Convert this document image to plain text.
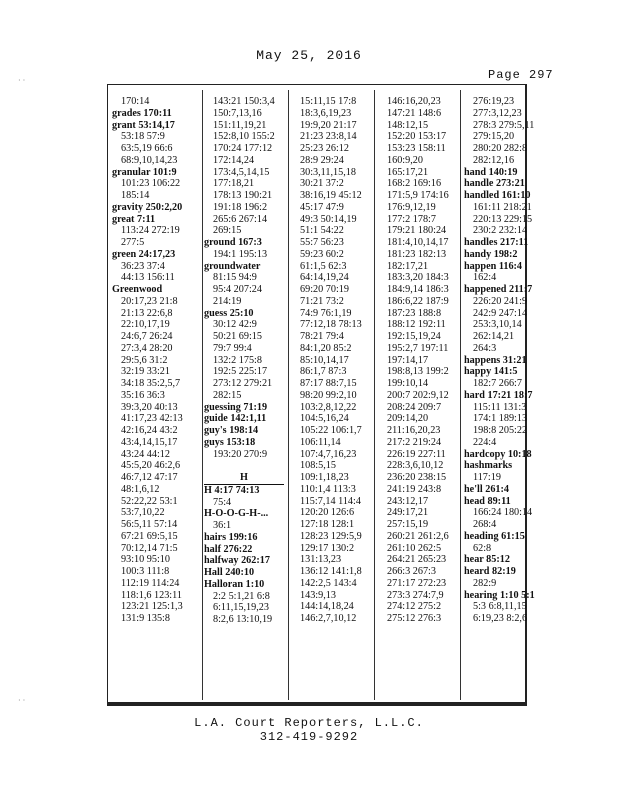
May 25, 2016
Page 297
170:14
grades 170:11
grant 53:14,17
53:18 57:9
63:5,19 66:6
68:9,10,14,23
granular 101:9
101:23 106:22
185:14
gravity 250:2,20
great 7:11
113:24 272:19
277:5
green 24:17,23
36:23 37:4
44:13 156:11
Greenwood
20:17,23 21:8
21:13 22:6,8
22:10,17,19
24:6,7 26:24
27:3,4 28:20
29:5,6 31:2
32:19 33:21
34:18 35:2,5,7
35:16 36:3
39:3,20 40:13
41:17,23 42:13
42:16,24 43:2
43:4,14,15,17
43:24 44:12
45:5,20 46:2,6
46:7,12 47:17
48:1,6,12
52:22,22 53:1
53:7,10,22
56:5,11 57:14
67:21 69:5,15
70:12,14 71:5
93:10 95:10
100:3 111:8
112:19 114:24
118:1,6 123:11
123:21 125:1,3
131:9 135:8
143:21 150:3,4
150:7,13,16
151:11,19,21
152:8,10 155:2
170:24 177:12
172:14,24
173:4,5,14,15
177:18,21
178:13 190:21
191:18 196:2
265:6 267:14
269:15
ground 167:3
194:1 195:13
groundwater
81:15 94:9
95:4 207:24
214:19
guess 25:10
30:12 42:9
50:21 69:15
79:7 99:4
132:2 175:8
192:5 225:17
273:12 279:21
282:15
guessing 71:19
guide 142:1,11
guy's 198:14
guys 153:18
193:20 270:9
H
H 4:17 74:13
75:4
H-O-O-G-H-...
36:1
hairs 199:16
half 276:22
halfway 262:17
Hall 240:10
Halloran 1:10
2:2 5:1,21 6:8
6:11,15,19,23
8:2,6 13:10,19
15:11,15 17:8
18:3,6,19,23
19:9,20 21:17
21:23 23:8,14
25:23 26:12
28:9 29:24
30:3,11,15,18
30:21 37:2
38:16,19 45:12
45:17 47:9
49:3 50:14,19
51:1 54:22
55:7 56:23
59:23 60:2
61:1,5 62:3
64:14,19,24
69:20 70:19
71:21 73:2
74:9 76:1,19
77:12,18 78:13
78:21 79:4
84:1,20 85:2
85:10,14,17
86:1,7 87:3
87:17 88:7,15
98:20 99:2,10
103:2,8,12,22
104:5,16,24
105:22 106:1,7
106:11,14
107:4,7,16,23
108:5,15
109:1,18,23
110:1,4 113:3
115:7,14 114:4
120:20 126:6
127:18 128:1
128:23 129:5,9
129:17 130:2
131:13,23
136:12 141:1,8
142:2,5 143:4
143:9,13
144:14,18,24
146:2,7,10,12
146:16,20,23
147:21 148:6
148:12,15
152:20 153:17
153:23 158:11
160:9,20
165:17,21
168:2 169:16
171:5,9 174:16
176:9,12,19
177:2 178:7
179:21 180:24
181:4,10,14,17
181:23 182:13
182:17,21
183:3,20 184:3
184:9,14 186:3
186:6,22 187:9
187:23 188:8
188:12 192:11
192:15,19,24
195:2,7 197:11
197:14,17
198:8,13 199:2
199:10,14
200:7 202:9,12
208:24 209:7
209:14,20
211:16,20,23
217:2 219:24
226:19 227:11
228:3,6,10,12
236:20 238:15
241:19 243:8
243:12,17
249:17,21
257:15,19
260:21 261:2,6
261:10 262:5
264:21 265:23
266:3 267:3
271:17 272:23
273:3 274:7,9
274:12 275:2
275:12 276:3
276:19,23
277:3,12,23
278:3 279:5,11
279:15,20
280:20 282:8
282:12,16
hand 140:19
handle 273:21
handled 161:10
161:11 218:21
220:13 229:15
230:2 232:14
handles 217:11
handy 198:2
happen 116:4
162:4
happened 211:7
226:20 241:9
242:9 247:14
253:3,10,14
262:14,21
264:3
happens 31:21
happy 141:5
182:7 266:7
hard 17:21 18:7
115:11 131:3
174:1 189:13
198:8 205:22
224:4
hardcopy 10:18
hashmarks
117:19
he'll 261:4
head 89:11
166:24 180:14
268:4
heading 61:15
62:8
hear 85:12
heard 82:19
282:9
hearing 1:10 5:1
5:3 6:8,11,15
6:19,23 8:2,6
L.A. Court Reporters, L.L.C.
312-419-9292
· ·
· ·
